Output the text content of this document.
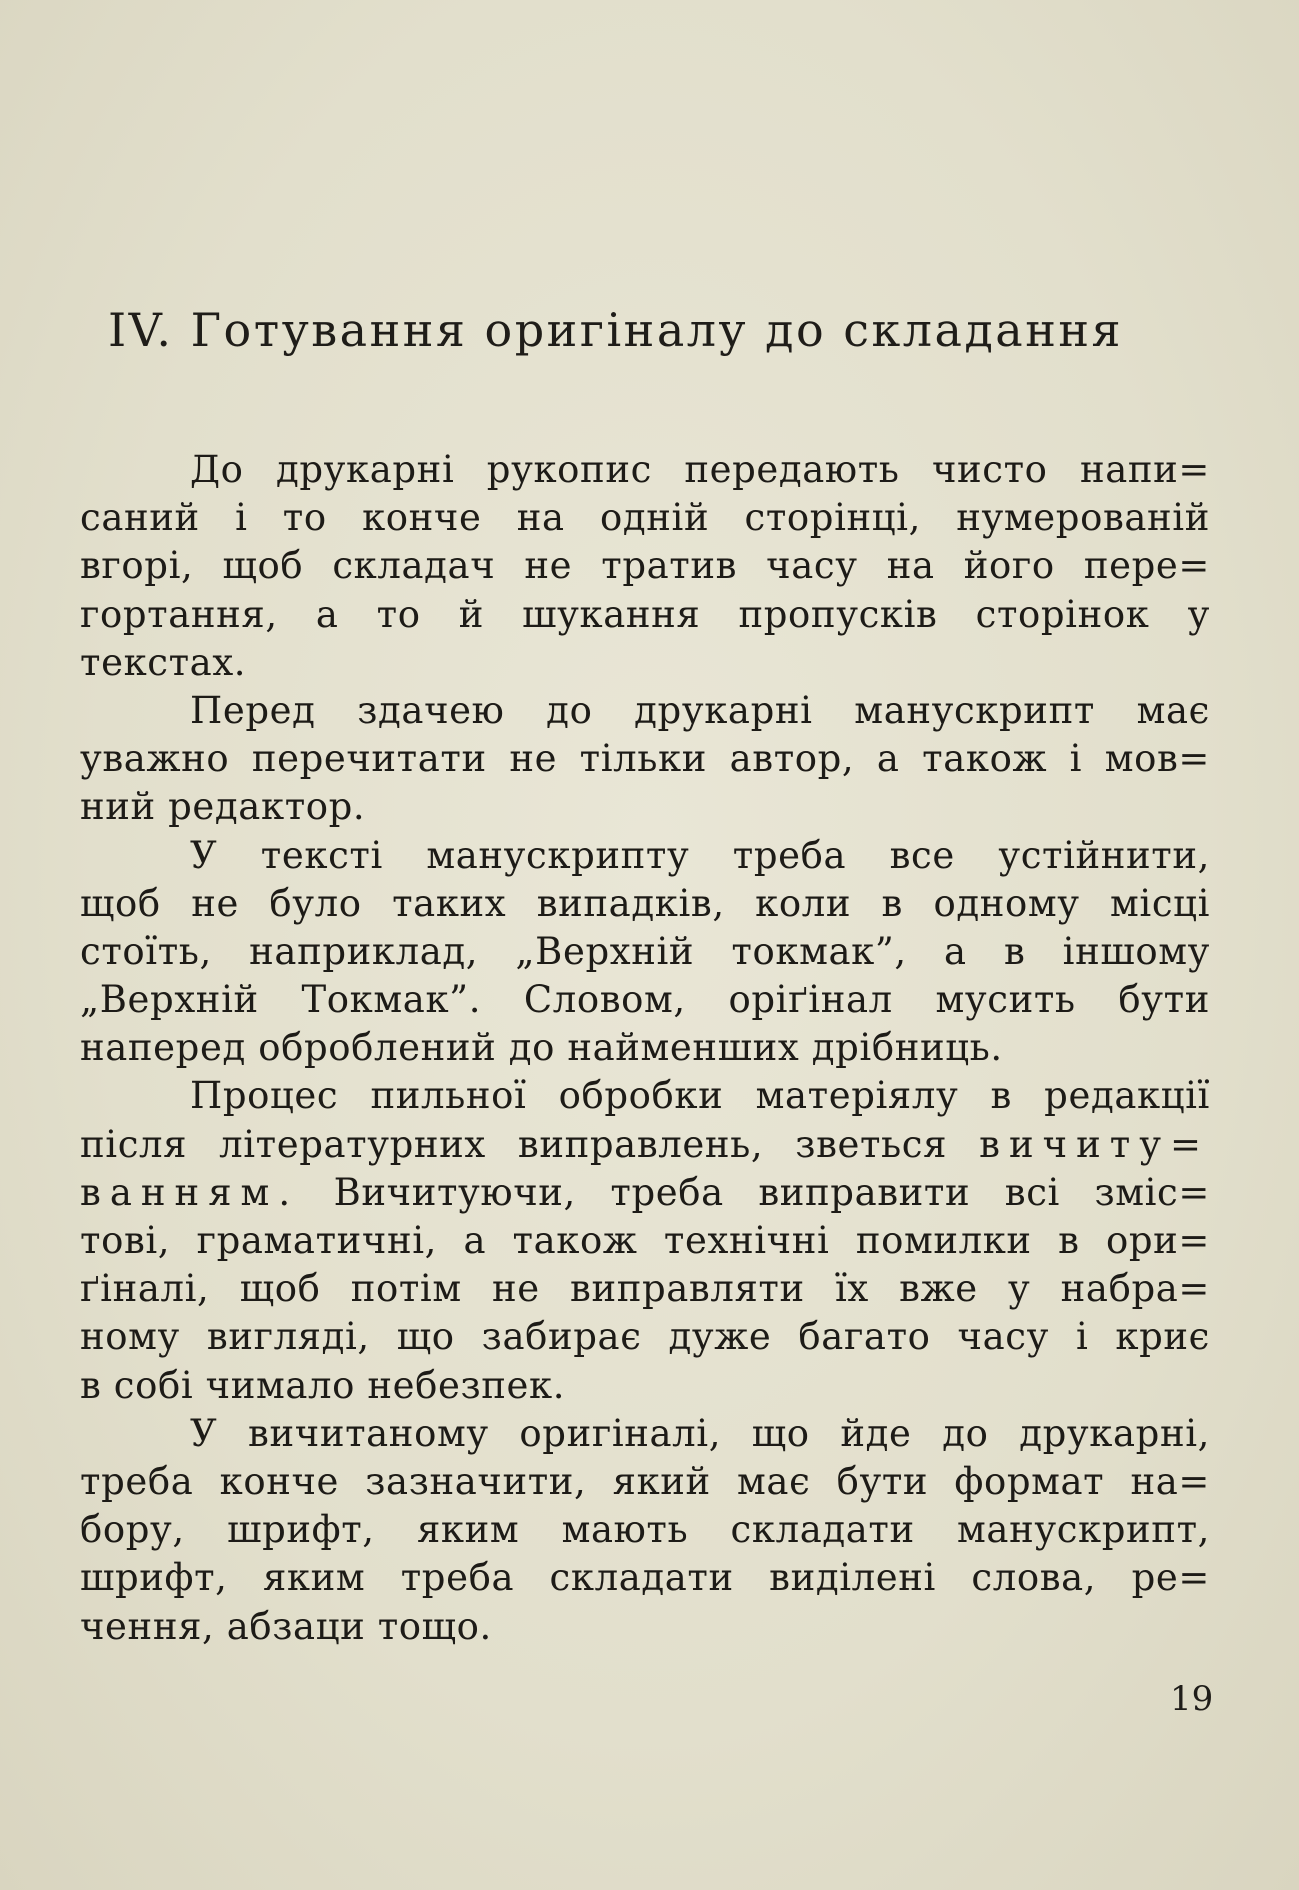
IV. Готування оригіналу до складання

До друкарні рукопис передають чисто напи=
саний і то конче на одній сторінці, нумерованій
вгорі, щоб складач не тратив часу на його пере=
гортання, а то й шукання пропусків сторінок у
текстах.

Перед здачею до друкарні манускрипт має
уважно перечитати не тільки автор, а також і мов=
ний редактор.

У тексті манускрипту треба все устійнити,
щоб не було таких випадків, коли в одному місці
стоїть, наприклад, „Верхній токмак”, а в іншому
„Верхній Токмак”. Словом, оріґінал мусить бути
наперед оброблений до найменших дрібниць.

Процес пильної обробки матеріялу в редакції
після літературних виправлень, зветься вичиту=
ванням. Вичитуючи, треба виправити всі зміс=
тові, граматичні, а також технічні помилки в ори=
ґіналі, щоб потім не виправляти їх вже у набра=
ному вигляді, що забирає дуже багато часу і криє
в собі чимало небезпек.

У вичитаному оригіналі, що йде до друкарні,
треба конче зазначити, який має бути формат на=
бору, шрифт, яким мають складати манускрипт,
шрифт, яким треба складати виділені слова, ре=
чення, абзаци тощо.

19
